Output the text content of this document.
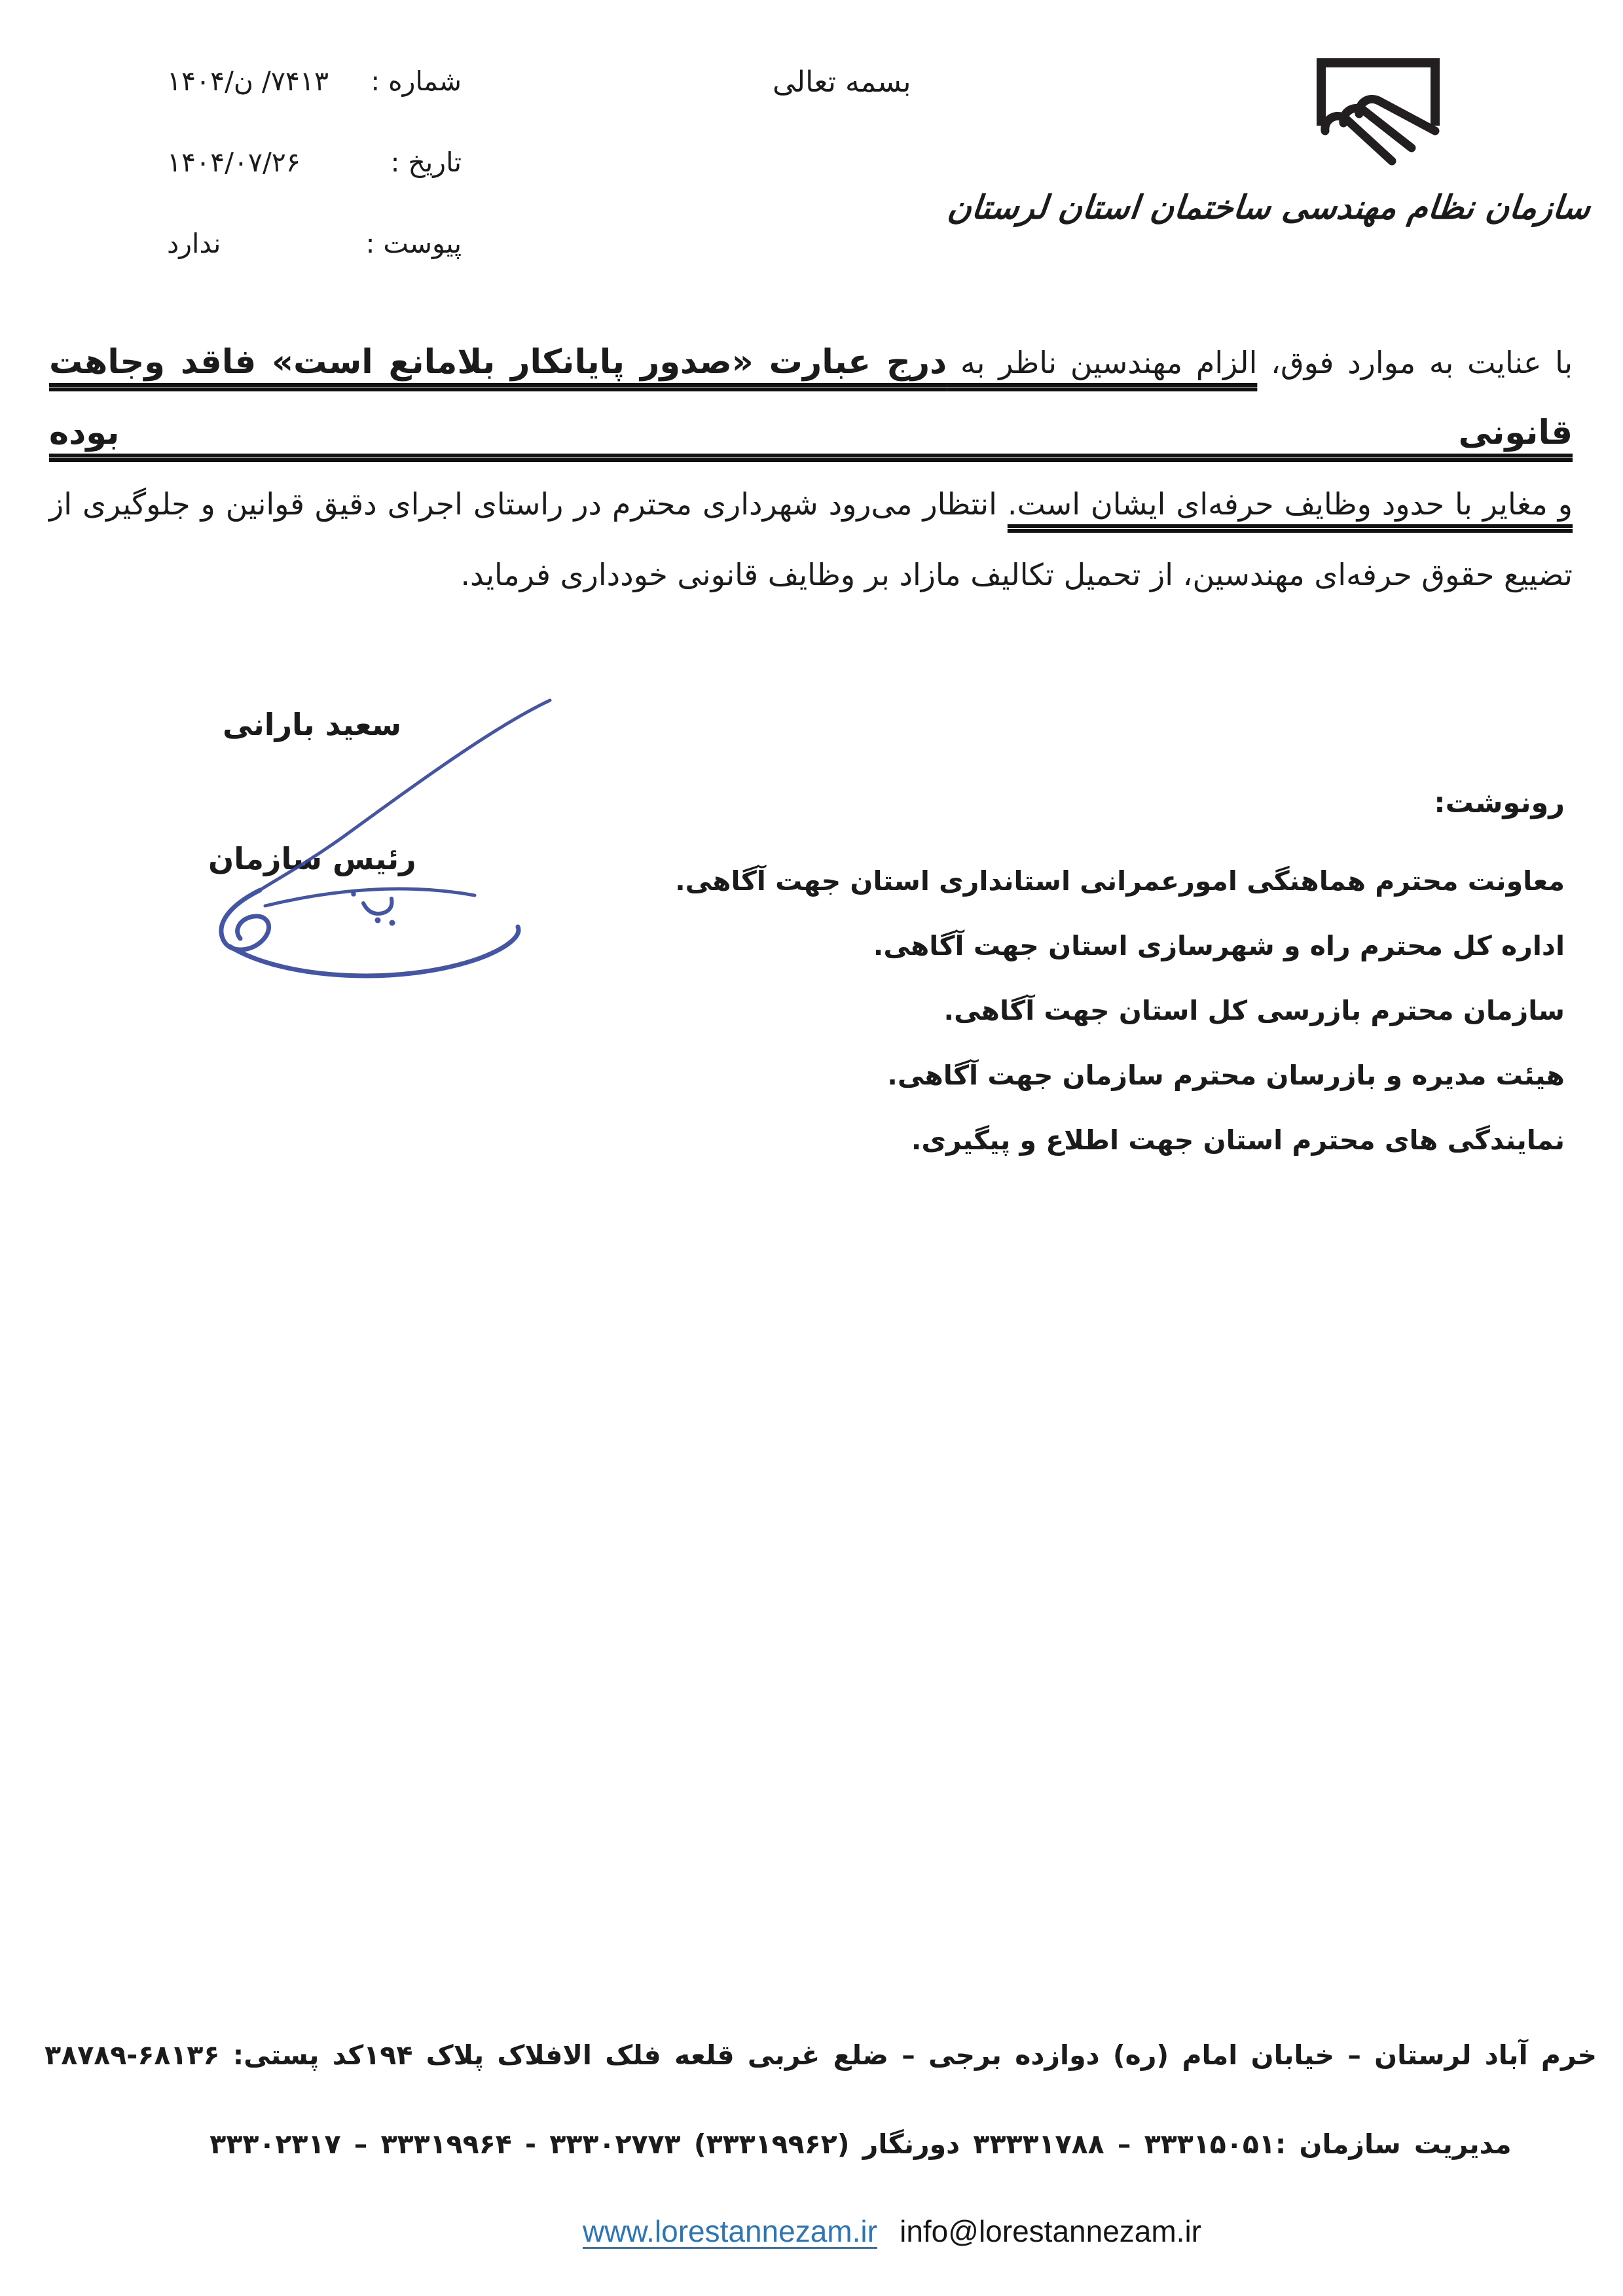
شماره :
۷۴۱۳/ ن/۱۴۰۴
تاریخ :
۱۴۰۴/۰۷/۲۶
پیوست :
ندارد
بسمه تعالی
سازمان نظام مهندسی ساختمان استان لرستان
با عنایت به موارد فوق، الزام مهندسین ناظر به درج عبارت «صدور پایانکار بلامانع است» فاقد وجاهت قانونی بوده
و مغایر با حدود وظایف حرفه‌ای ایشان است. انتظار می‌رود شهرداری محترم در راستای اجرای دقیق قوانین و جلوگیری از
تضییع حقوق حرفه‌ای مهندسین، از تحمیل تکالیف مازاد بر وظایف قانونی خودداری فرماید.
سعید بارانی
رئیس سازمان
رونوشت:
معاونت محترم هماهنگی امورعمرانی استانداری استان جهت آگاهی.
اداره کل محترم راه و شهرسازی استان جهت آگاهی.
سازمان محترم بازرسی کل استان جهت آگاهی.
هیئت مدیره و بازرسان محترم سازمان جهت آگاهی.
نمایندگی های محترم استان جهت اطلاع و پیگیری.
خرم آباد لرستان – خیابان امام (ره) دوازده برجی – ضلع غربی قلعه فلک الافلاک پلاک ۱۹۴کد پستی: ۶۸۱۳۶-۳۸۷۸۹
مدیریت سازمان :۳۳۳۱۵۰۵۱ – ۳۳۳۳۱۷۸۸ دورنگار (۳۳۳۱۹۹۶۲) ۳۳۳۰۲۷۷۳ - ۳۳۳۱۹۹۶۴ – ۳۳۳۰۲۳۱۷
www.lorestannezam.ir info@lorestannezam.ir
